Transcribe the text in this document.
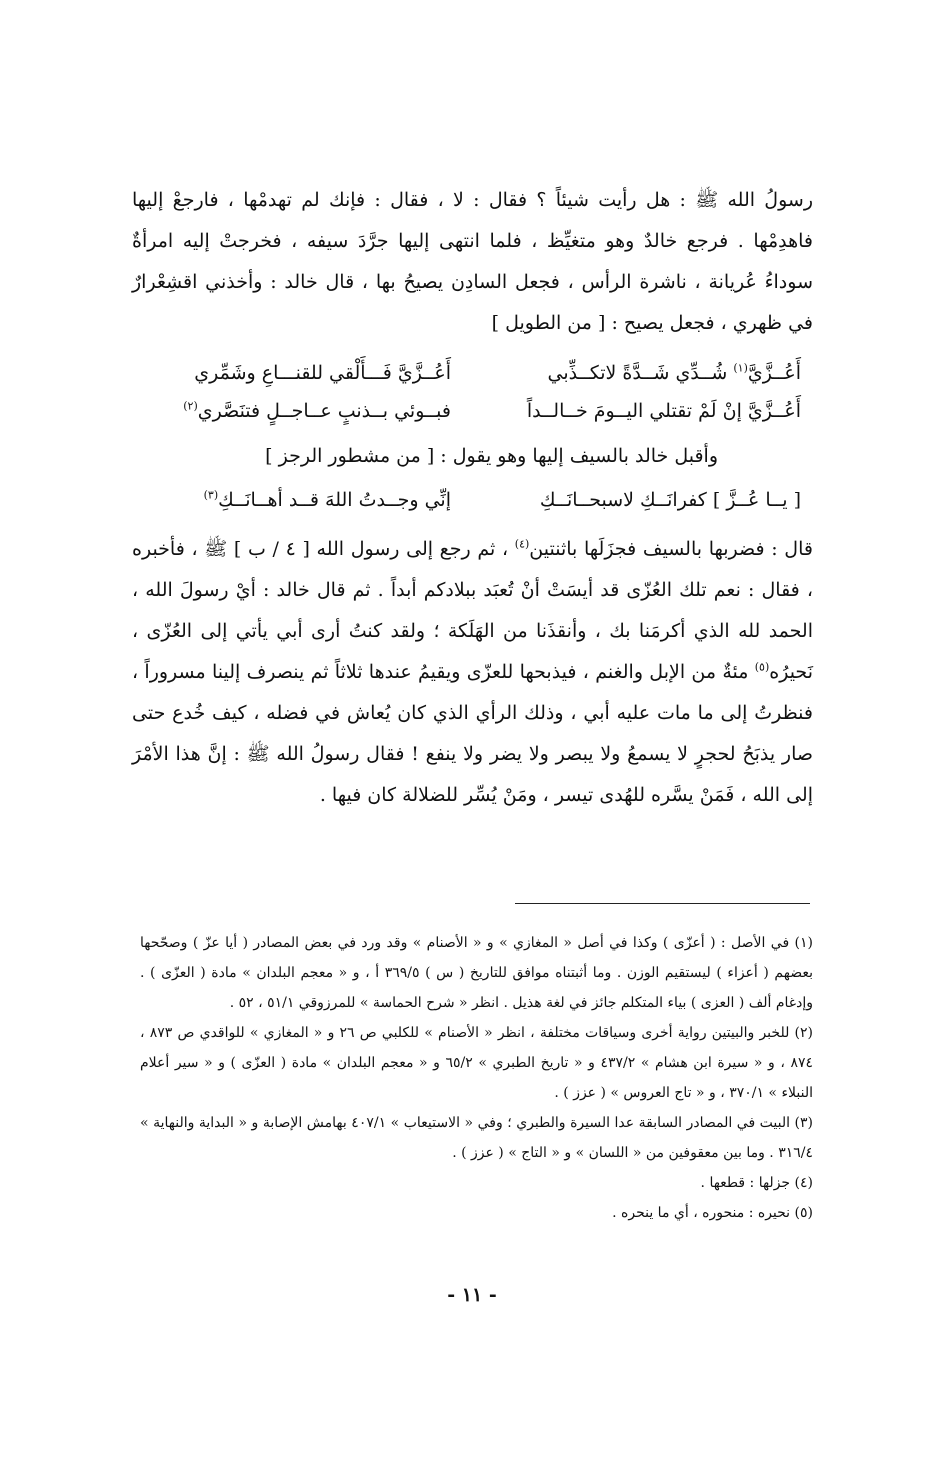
رسولُ الله ﷺ : هل رأيت شيئاً ؟ فقال : لا ، فقال : فإنك لم تهدمْها ، فارجعْ إليها فاهدِمْها . فرجع خالدٌ وهو متغيِّظ ، فلما انتهى إليها جرَّدَ سيفه ، فخرجتْ إليه امرأةٌ سوداءُ عُريانة ، ناشرة الرأس ، فجعل السادِن يصيحُ بها ، قال خالد : وأخذني اقشِعْرارٌ في ظهري ، فجعل يصيح : [ من الطويل ]

أَعُــزَّيَّ$^{(١)}$ شُــدِّي شَــدَّةً لاتكــذِّبي
أَعُــزَّيَّ فَـــأَلْقي للقنـــاعِ وشَمِّري
أَعُــزَّيَّ إنْ لَمْ تقتلي اليــومَ خــالــداً
فبــوئي بــذنبٍ عــاجــلٍ فتنَصَّري$^{(٢)}$

وأقبل خالد بالسيف إليها وهو يقول : [ من مشطور الرجز ]

[ يــا عُــزَّ ] كفرانَــكِ لاسبحــانَــكِ
إنِّي وجــدتُ اللهَ قــد أهــانَــكِ$^{(٣)}$

قال : فضربها بالسيف فجزَلَها باثنتين$^{(٤)}$ ، ثم رجع إلى رسول الله [ ٤ / ب ] ﷺ ، فأخبره ، فقال : نعم تلك العُزّى قد أيسَتْ أنْ تُعبَد ببلادكم أبداً . ثم قال خالد : أيْ رسولَ الله ، الحمد لله الذي أكرمَنا بك ، وأنقذَنا من الهَلَكة ؛ ولقد كنتُ أرى أبي يأتي إلى العُزّى ، نَحيرُه$^{(٥)}$ مئةٌ من الإبل والغنم ، فيذبحها للعزّى ويقيمُ عندها ثلاثاً ثم ينصرف إلينا مسروراً ، فنظرتُ إلى ما مات عليه أبي ، وذلك الرأي الذي كان يُعاش في فضله ، كيف خُدع حتى صار يذبَحُ لحجرٍ لا يسمعُ ولا يبصر ولا يضر ولا ينفع ! فقال رسولُ الله ﷺ : إنَّ هذا الأمْرَ إلى الله ، فَمَنْ يسَّره للهُدى تيسر ، ومَنْ يُسِّر للضلالة كان فيها .

(١) في الأصل : ( أعزّى ) وكذا في أصل « المغازي » و « الأصنام » وقد ورد في بعض المصادر ( أيا عزّ ) وصحّحها بعضهم ( أعزاء ) ليستقيم الوزن . وما أثبتناه موافق للتاريخ ( س ) ٣٦٩/٥ أ ، و « معجم البلدان » مادة ( العزّى ) . وإدغام ألف ( العزى ) بياء المتكلم جائز في لغة هذيل . انظر « شرح الحماسة » للمرزوقي ٥١/١ ، ٥٢ .

(٢) للخبر والبيتين رواية أخرى وسياقات مختلفة ، انظر « الأصنام » للكلبي ص ٢٦ و « المغازي » للواقدي ص ٨٧٣ ، ٨٧٤ ، و « سيرة ابن هشام » ٤٣٧/٢ و « تاريخ الطبري » ٦٥/٢ و « معجم البلدان » مادة ( العزّى ) و « سير أعلام النبلاء » ٣٧٠/١ ، و « تاج العروس » ( عزز ) .

(٣) البيت في المصادر السابقة عدا السيرة والطبري ؛ وفي « الاستيعاب » ٤٠٧/١ بهامش الإصابة و « البداية والنهاية » ٣١٦/٤ . وما بين معقوفين من « اللسان » و « التاج » ( عزز ) .

(٤) جزلها : قطعها .

(٥) نحيره : منحوره ، أي ما ينحره .

- ١١ -
